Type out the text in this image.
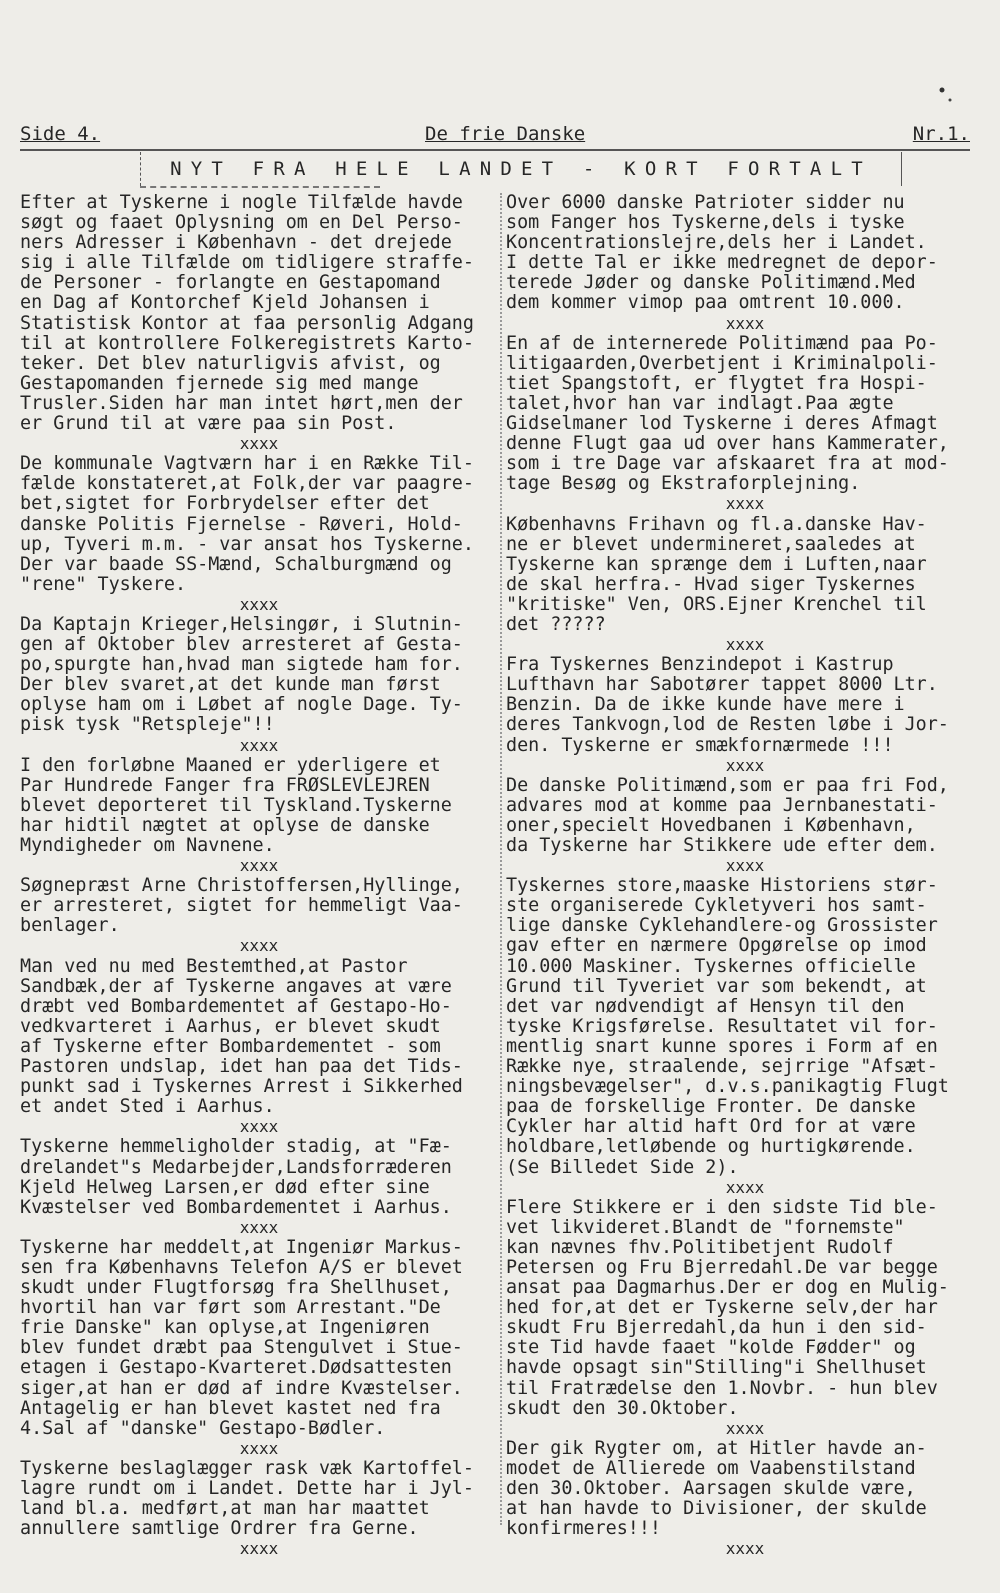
Side 4.	De frie Danske	Nr.1.
NYT FRA HELE LANDET - KORT FORTALT
Efter at Tyskerne i nogle Tilfælde havde
søgt og faaet Oplysning om en Del Perso-
ners Adresser i København - det drejede
sig i alle Tilfælde om tidligere straffe-
de Personer - forlangte en Gestapomand
en Dag af Kontorchef Kjeld Johansen i
Statistisk Kontor at faa personlig Adgang
til at kontrollere Folkeregistrets Karto-
teker. Det blev naturligvis afvist, og
Gestapomanden fjernede sig med mange
Trusler.Siden har man intet hørt,men der
er Grund til at være paa sin Post.
xxxx
De kommunale Vagtværn har i en Række Til-
fælde konstateret,at Folk,der var paagre-
bet,sigtet for Forbrydelser efter det
danske Politis Fjernelse - Røveri, Hold-
up, Tyveri m.m. - var ansat hos Tyskerne.
Der var baade SS-Mænd, Schalburgmænd og
"rene" Tyskere.
xxxx
Da Kaptajn Krieger,Helsingør, i Slutnin-
gen af Oktober blev arresteret af Gesta-
po,spurgte han,hvad man sigtede ham for.
Der blev svaret,at det kunde man først
oplyse ham om i Løbet af nogle Dage. Ty-
pisk tysk "Retspleje"!!
xxxx
I den forløbne Maaned er yderligere et
Par Hundrede Fanger fra FRØSLEVLEJREN
blevet deporteret til Tyskland.Tyskerne
har hidtil nægtet at oplyse de danske
Myndigheder om Navnene.
xxxx
Søgnepræst Arne Christoffersen,Hyllinge,
er arresteret, sigtet for hemmeligt Vaa-
benlager.
xxxx
Man ved nu med Bestemthed,at Pastor
Sandbæk,der af Tyskerne angaves at være
dræbt ved Bombardementet af Gestapo-Ho-
vedkvarteret i Aarhus, er blevet skudt
af Tyskerne efter Bombardementet - som
Pastoren undslap, idet han paa det Tids-
punkt sad i Tyskernes Arrest i Sikkerhed
et andet Sted i Aarhus.
xxxx
Tyskerne hemmeligholder stadig, at "Fæ-
drelandet"s Medarbejder,Landsforræderen
Kjeld Helweg Larsen,er død efter sine
Kvæstelser ved Bombardementet i Aarhus.
xxxx
Tyskerne har meddelt,at Ingeniør Markus-
sen fra Københavns Telefon A/S er blevet
skudt under Flugtforsøg fra Shellhuset,
hvortil han var ført som Arrestant."De
frie Danske" kan oplyse,at Ingeniøren
blev fundet dræbt paa Stengulvet i Stue-
etagen i Gestapo-Kvarteret.Dødsattesten
siger,at han er død af indre Kvæstelser.
Antagelig er han blevet kastet ned fra
4.Sal af "danske" Gestapo-Bødler.
xxxx
Tyskerne beslaglægger rask væk Kartoffel-
lagre rundt om i Landet. Dette har i Jyl-
land bl.a. medført,at man har maattet
annullere samtlige Ordrer fra Gerne.
xxxx
Over 6000 danske Patrioter sidder nu
som Fanger hos Tyskerne,dels i tyske
Koncentrationslejre,dels her i Landet.
I dette Tal er ikke medregnet de depor-
terede Jøder og danske Politimænd.Med
dem kommer vimop paa omtrent 10.000.
xxxx
En af de internerede Politimænd paa Po-
litigaarden,Overbetjent i Kriminalpoli-
tiet Spangstoft, er flygtet fra Hospi-
talet,hvor han var indlagt.Paa ægte
Gidselmaner lod Tyskerne i deres Afmagt
denne Flugt gaa ud over hans Kammerater,
som i tre Dage var afskaaret fra at mod-
tage Besøg og Ekstraforplejning.
xxxx
Københavns Frihavn og fl.a.danske Hav-
ne er blevet undermineret,saaledes at
Tyskerne kan sprænge dem i Luften,naar
de skal herfra.- Hvad siger Tyskernes
"kritiske" Ven, ORS.Ejner Krenchel til
det ?????
xxxx
Fra Tyskernes Benzindepot i Kastrup
Lufthavn har Sabotører tappet 8000 Ltr.
Benzin. Da de ikke kunde have mere i
deres Tankvogn,lod de Resten løbe i Jor-
den. Tyskerne er smækfornærmede !!!
xxxx
De danske Politimænd,som er paa fri Fod,
advares mod at komme paa Jernbanestati-
oner,specielt Hovedbanen i København,
da Tyskerne har Stikkere ude efter dem.
xxxx
Tyskernes store,maaske Historiens stør-
ste organiserede Cykletyveri hos samt-
lige danske Cyklehandlere-og Grossister
gav efter en nærmere Opgørelse op imod
10.000 Maskiner. Tyskernes officielle
Grund til Tyveriet var som bekendt, at
det var nødvendigt af Hensyn til den
tyske Krigsførelse. Resultatet vil for-
mentlig snart kunne spores i Form af en
Række nye, straalende, sejrrige "Afsæt-
ningsbevægelser", d.v.s.panikagtig Flugt
paa de forskellige Fronter. De danske
Cykler har altid haft Ord for at være
holdbare,letløbende og hurtigkørende.
(Se Billedet Side 2).
xxxx
Flere Stikkere er i den sidste Tid ble-
vet likvideret.Blandt de "fornemste"
kan nævnes fhv.Politibetjent Rudolf
Petersen og Fru Bjerredahl.De var begge
ansat paa Dagmarhus.Der er dog en Mulig-
hed for,at det er Tyskerne selv,der har
skudt Fru Bjerredahl,da hun i den sid-
ste Tid havde faaet "kolde Fødder" og
havde opsagt sin"Stilling"i Shellhuset
til Fratrædelse den 1.Novbr. - hun blev
skudt den 30.Oktober.
xxxx
Der gik Rygter om, at Hitler havde an-
modet de Allierede om Vaabenstilstand
den 30.Oktober. Aarsagen skulde være,
at han havde to Divisioner, der skulde
konfirmeres!!!
xxxx
